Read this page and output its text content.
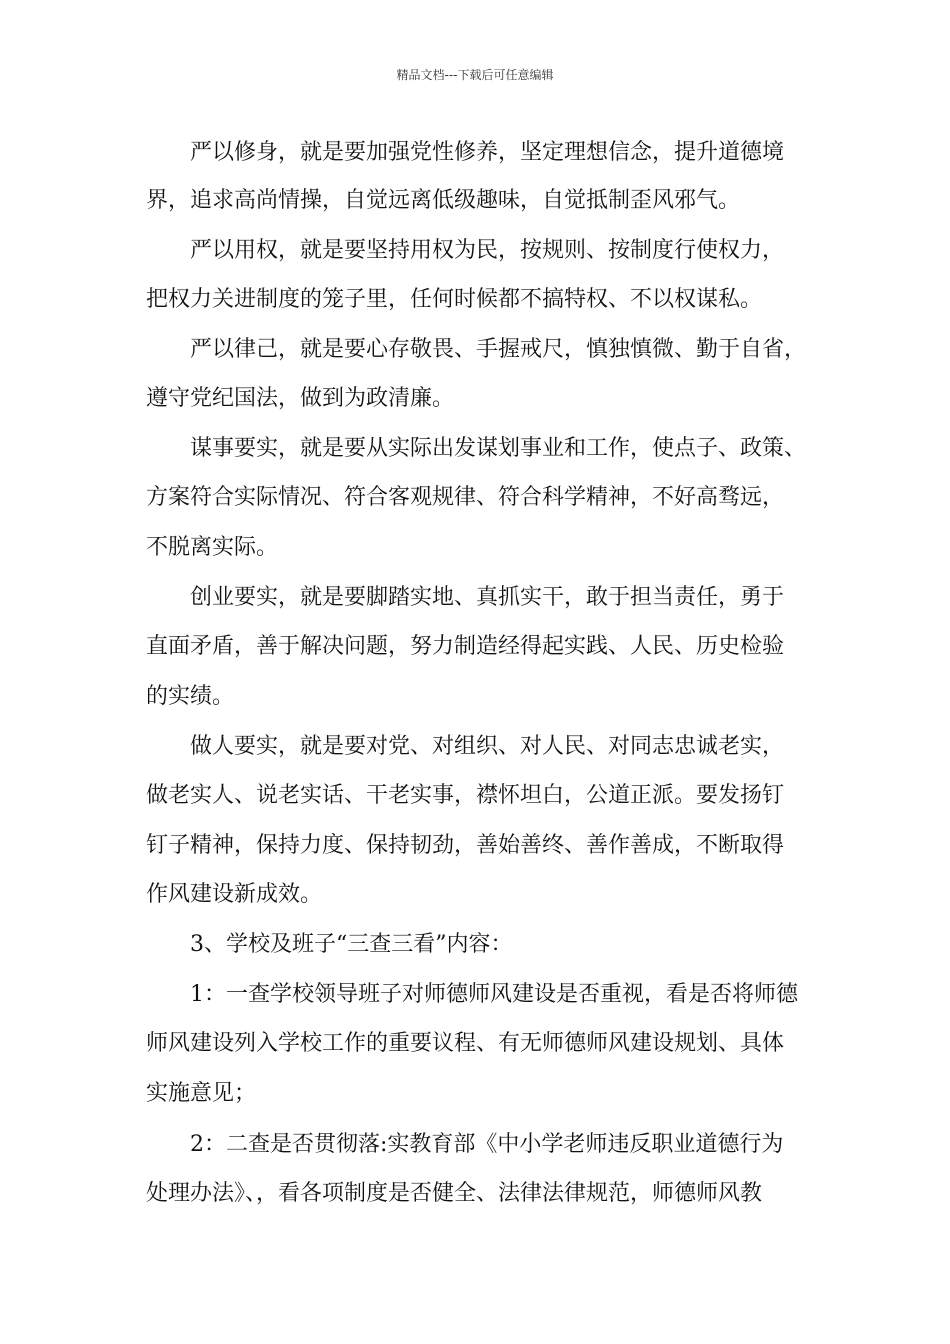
精品文档---下载后可任意编辑
严以修身，就是要加强党性修养，坚定理想信念，提升道德境
界，追求高尚情操，自觉远离低级趣味，自觉抵制歪风邪气。
严以用权，就是要坚持用权为民，按规则、按制度行使权力，
把权力关进制度的笼子里，任何时候都不搞特权、不以权谋私。
严以律己，就是要心存敬畏、手握戒尺，慎独慎微、勤于自省，
遵守党纪国法，做到为政清廉。
谋事要实，就是要从实际出发谋划事业和工作，使点子、政策、
方案符合实际情况、符合客观规律、符合科学精神，不好高骛远，
不脱离实际。
创业要实，就是要脚踏实地、真抓实干，敢于担当责任，勇于
直面矛盾，善于解决问题，努力制造经得起实践、人民、历史检验
的实绩。
做人要实，就是要对党、对组织、对人民、对同志忠诚老实，
做老实人、说老实话、干老实事，襟怀坦白，公道正派。要发扬钉
钉子精神，保持力度、保持韧劲，善始善终、善作善成，不断取得
作风建设新成效。
3、学校及班子“三查三看”内容：
1：一查学校领导班子对师德师风建设是否重视，看是否将师德
师风建设列入学校工作的重要议程、有无师德师风建设规划、具体
实施意见；
2：二查是否贯彻落:实教育部《中小学老师违反职业道德行为
处理办法》、，看各项制度是否健全、法律法律规范，师德师风教
